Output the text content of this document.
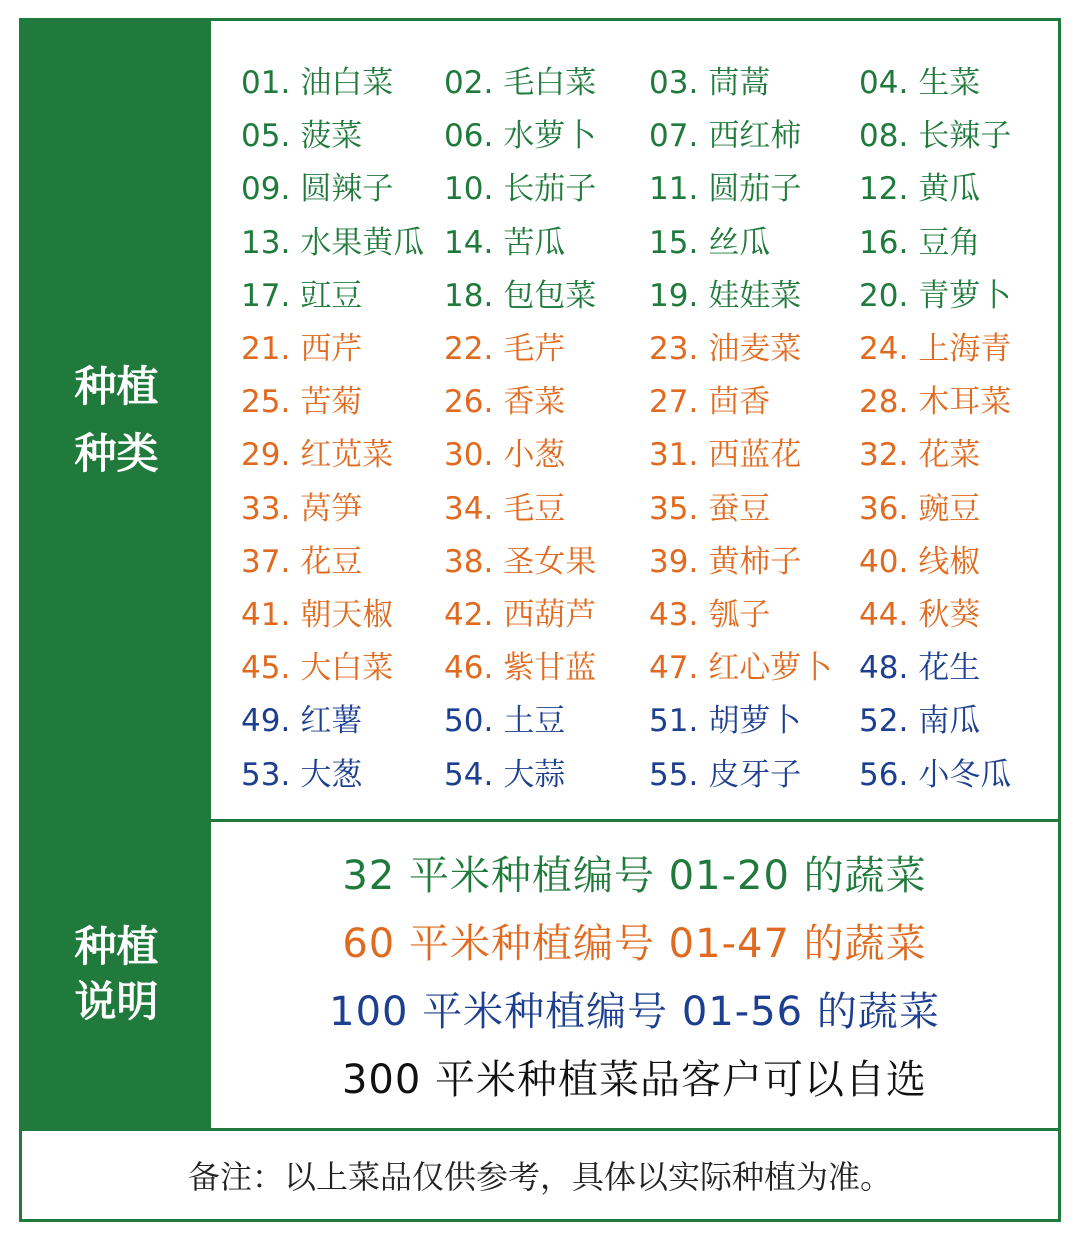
种植
种类
01. 油白菜	02. 毛白菜	03. 茼蒿	04. 生菜
05. 菠菜	06. 水萝卜	07. 西红柿	08. 长辣子
09. 圆辣子	10. 长茄子	11. 圆茄子	12. 黄瓜
13. 水果黄瓜 14. 苦瓜	15. 丝瓜	16. 豆角
17. 豇豆	18. 包包菜	19. 娃娃菜	20. 青萝卜
21. 西芹	22. 毛芹	23. 油麦菜	24. 上海青
25. 苦菊	26. 香菜	27. 茴香	28. 木耳菜
29. 红苋菜	30. 小葱	31. 西蓝花	32. 花菜
33. 莴笋	34. 毛豆	35. 蚕豆	36. 豌豆
37. 花豆	38. 圣女果	39. 黄柿子	40. 线椒
41. 朝天椒	42. 西葫芦	43. 瓠子	44. 秋葵
45. 大白菜	46. 紫甘蓝	47. 红心萝卜 48. 花生
49. 红薯	50. 土豆	51. 胡萝卜	52. 南瓜
53. 大葱	54. 大蒜	55. 皮牙子	56. 小冬瓜
种植
说明
32 平米种植编号 01-20 的蔬菜
60 平米种植编号 01-47 的蔬菜
100 平米种植编号 01-56 的蔬菜
300 平米种植菜品客户可以自选
备注：以上菜品仅供参考，具体以实际种植为准。
